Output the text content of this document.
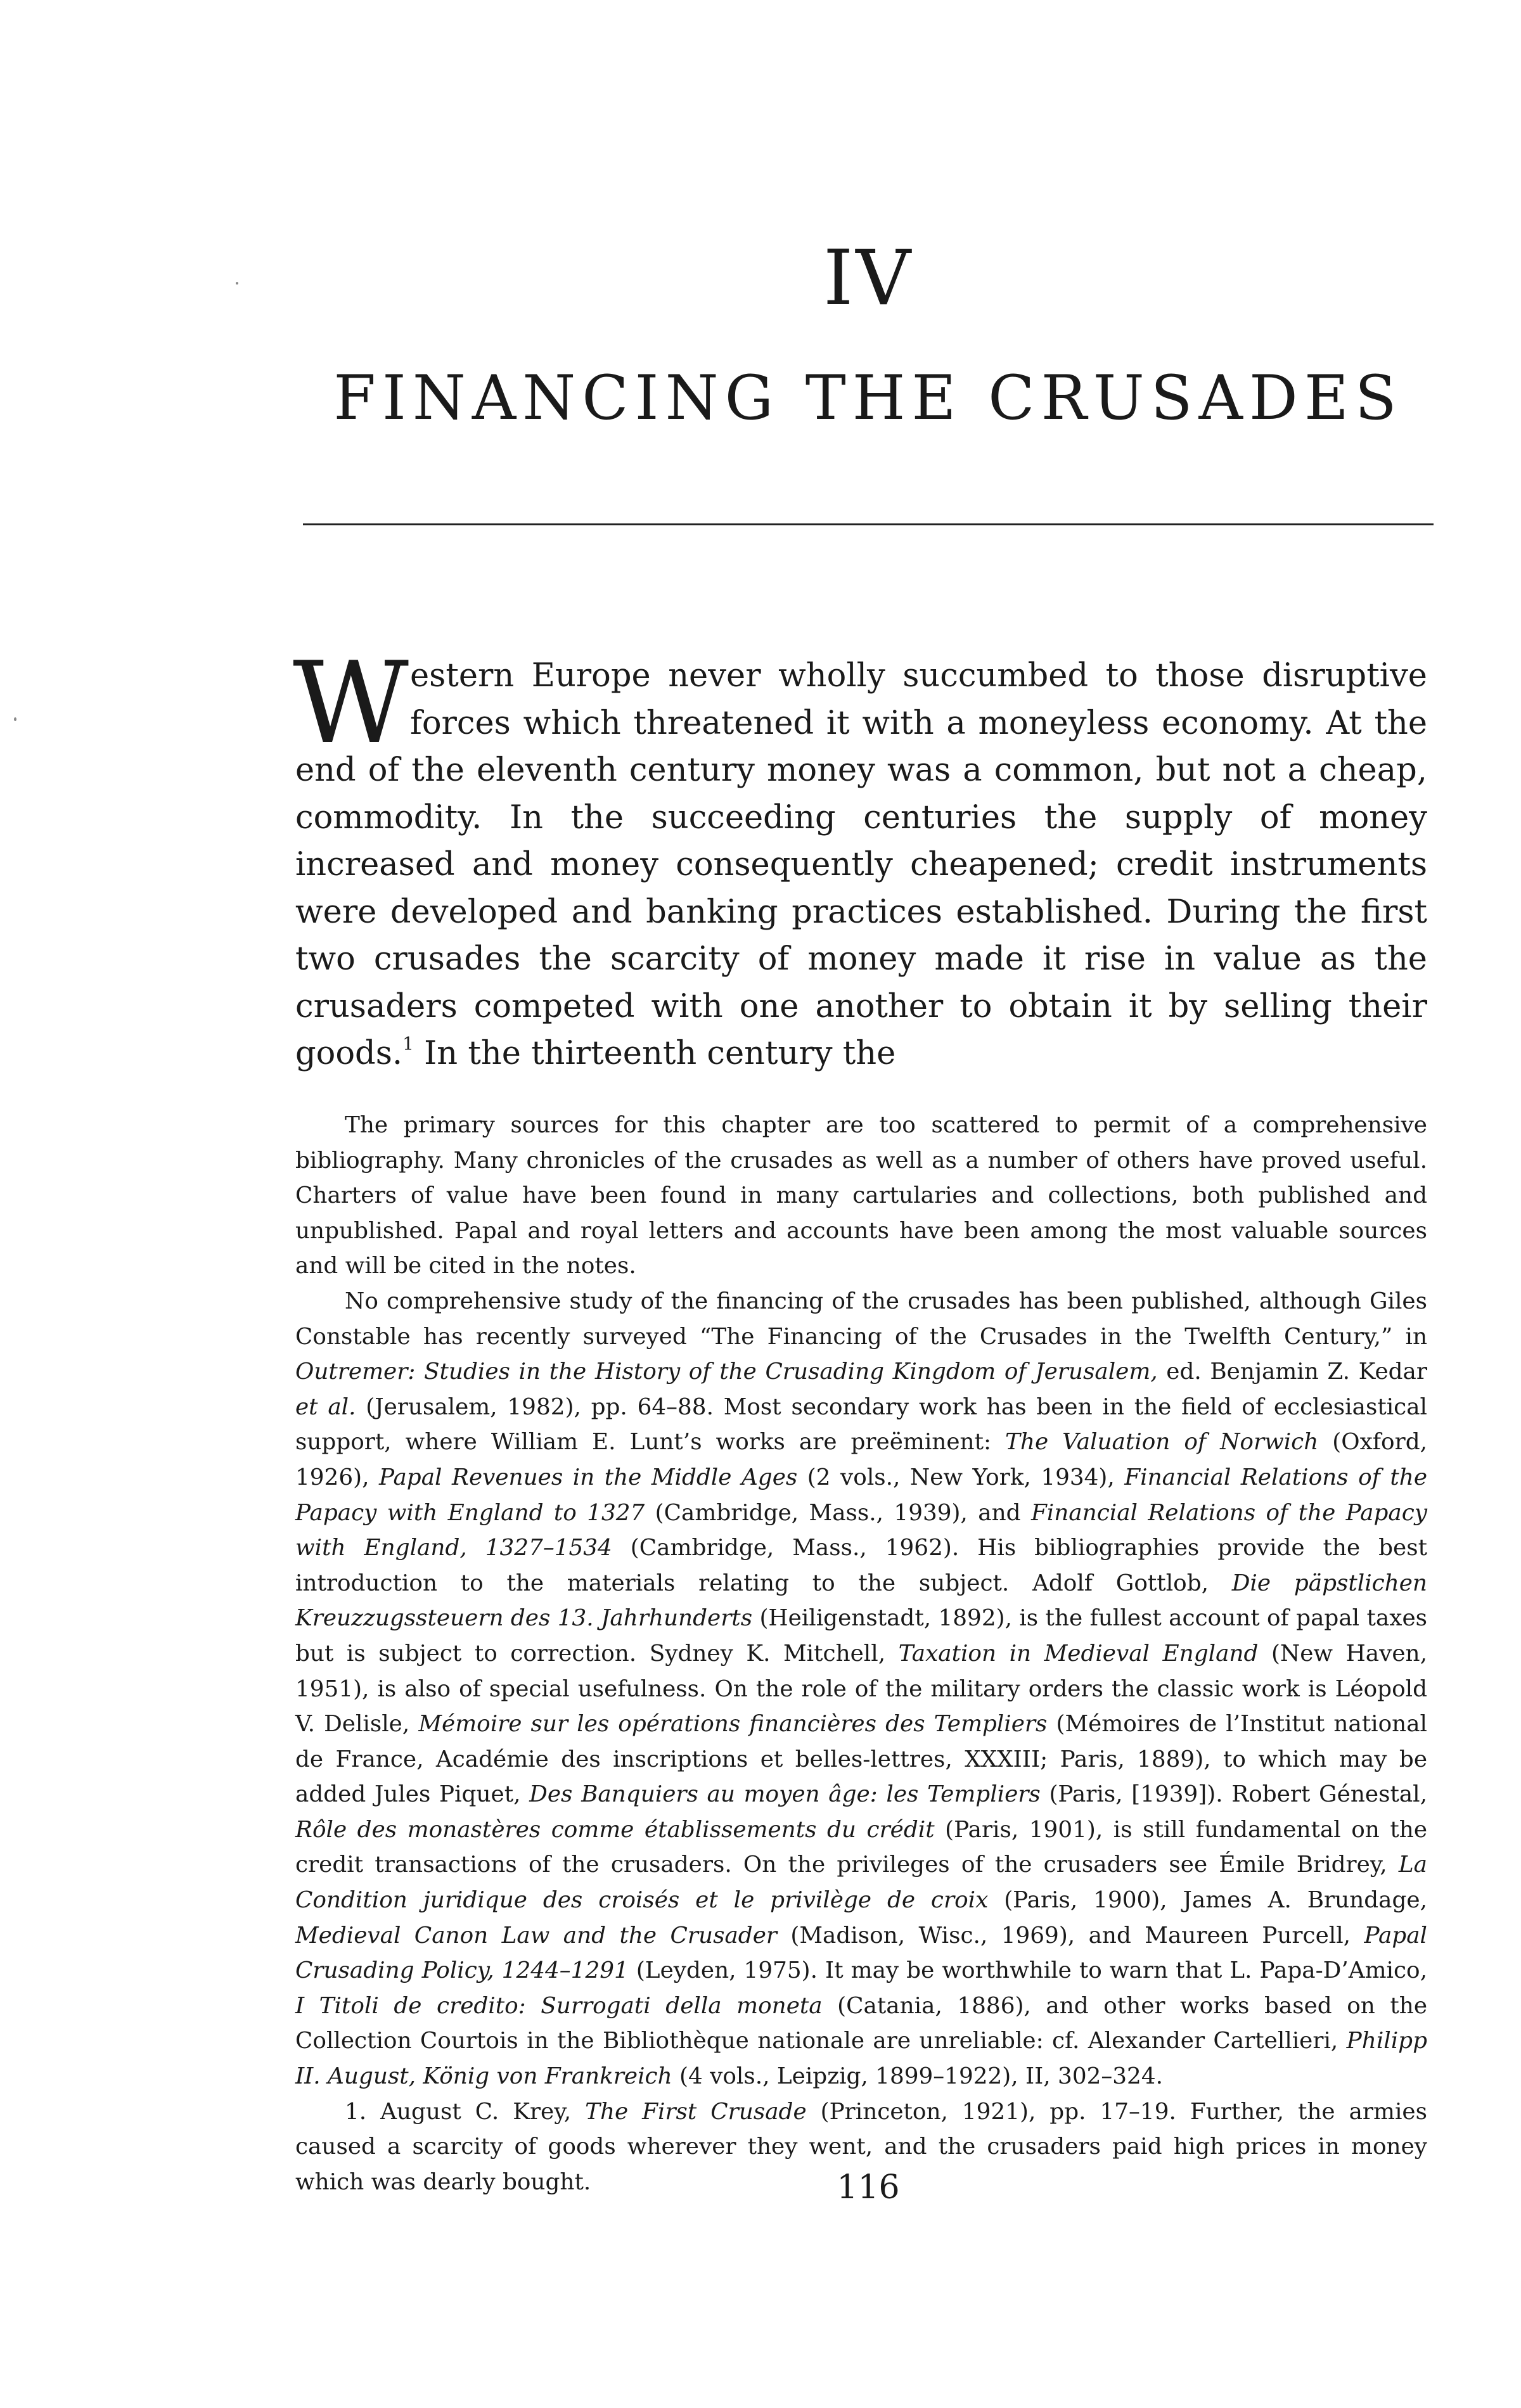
IV
FINANCING THE CRUSADES

Western Europe never wholly succumbed to those disruptive forces which threatened it with a moneyless economy. At the end of the eleventh century money was a common, but not a cheap, commodity. In the succeeding centuries the supply of money increased and money consequently cheapened; credit instruments were developed and banking practices established. During the first two crusades the scarcity of money made it rise in value as the crusaders competed with one another to obtain it by selling their goods.$^1$ In the thirteenth century the

The primary sources for this chapter are too scattered to permit of a comprehensive bibliography. Many chronicles of the crusades as well as a number of others have proved useful. Charters of value have been found in many cartularies and collections, both published and unpublished. Papal and royal letters and accounts have been among the most valuable sources and will be cited in the notes.

No comprehensive study of the financing of the crusades has been published, although Giles Constable has recently surveyed “The Financing of the Crusades in the Twelfth Century,” in Outremer: Studies in the History of the Crusading Kingdom of Jerusalem, ed. Benjamin Z. Kedar et al. (Jerusalem, 1982), pp. 64–88. Most secondary work has been in the field of ecclesiastical support, where William E. Lunt’s works are preëminent: The Valuation of Norwich (Oxford, 1926), Papal Revenues in the Middle Ages (2 vols., New York, 1934), Financial Relations of the Papacy with England to 1327 (Cambridge, Mass., 1939), and Financial Relations of the Papacy with England, 1327–1534 (Cambridge, Mass., 1962). His bibliographies provide the best introduction to the materials relating to the subject. Adolf Gottlob, Die päpstlichen Kreuzzugssteuern des 13. Jahrhunderts (Heiligenstadt, 1892), is the fullest account of papal taxes but is subject to correction. Sydney K. Mitchell, Taxation in Medieval England (New Haven, 1951), is also of special usefulness. On the role of the military orders the classic work is Léopold V. Delisle, Mémoire sur les opérations financières des Templiers (Mémoires de l’Institut national de France, Académie des inscriptions et belles-lettres, XXXIII; Paris, 1889), to which may be added Jules Piquet, Des Banquiers au moyen âge: les Templiers (Paris, [1939]). Robert Génestal, Rôle des monastères comme établissements du crédit (Paris, 1901), is still fundamental on the credit transactions of the crusaders. On the privileges of the crusaders see Émile Bridrey, La Condition juridique des croisés et le privilège de croix (Paris, 1900), James A. Brundage, Medieval Canon Law and the Crusader (Madison, Wisc., 1969), and Maureen Purcell, Papal Crusading Policy, 1244–1291 (Leyden, 1975). It may be worthwhile to warn that L. Papa-D’Amico, I Titoli de credito: Surrogati della moneta (Catania, 1886), and other works based on the Collection Courtois in the Bibliothèque nationale are unreliable: cf. Alexander Cartellieri, Philipp II. August, König von Frankreich (4 vols., Leipzig, 1899–1922), II, 302–324.

1. August C. Krey, The First Crusade (Princeton, 1921), pp. 17–19. Further, the armies caused a scarcity of goods wherever they went, and the crusaders paid high prices in money which was dearly bought.	116
